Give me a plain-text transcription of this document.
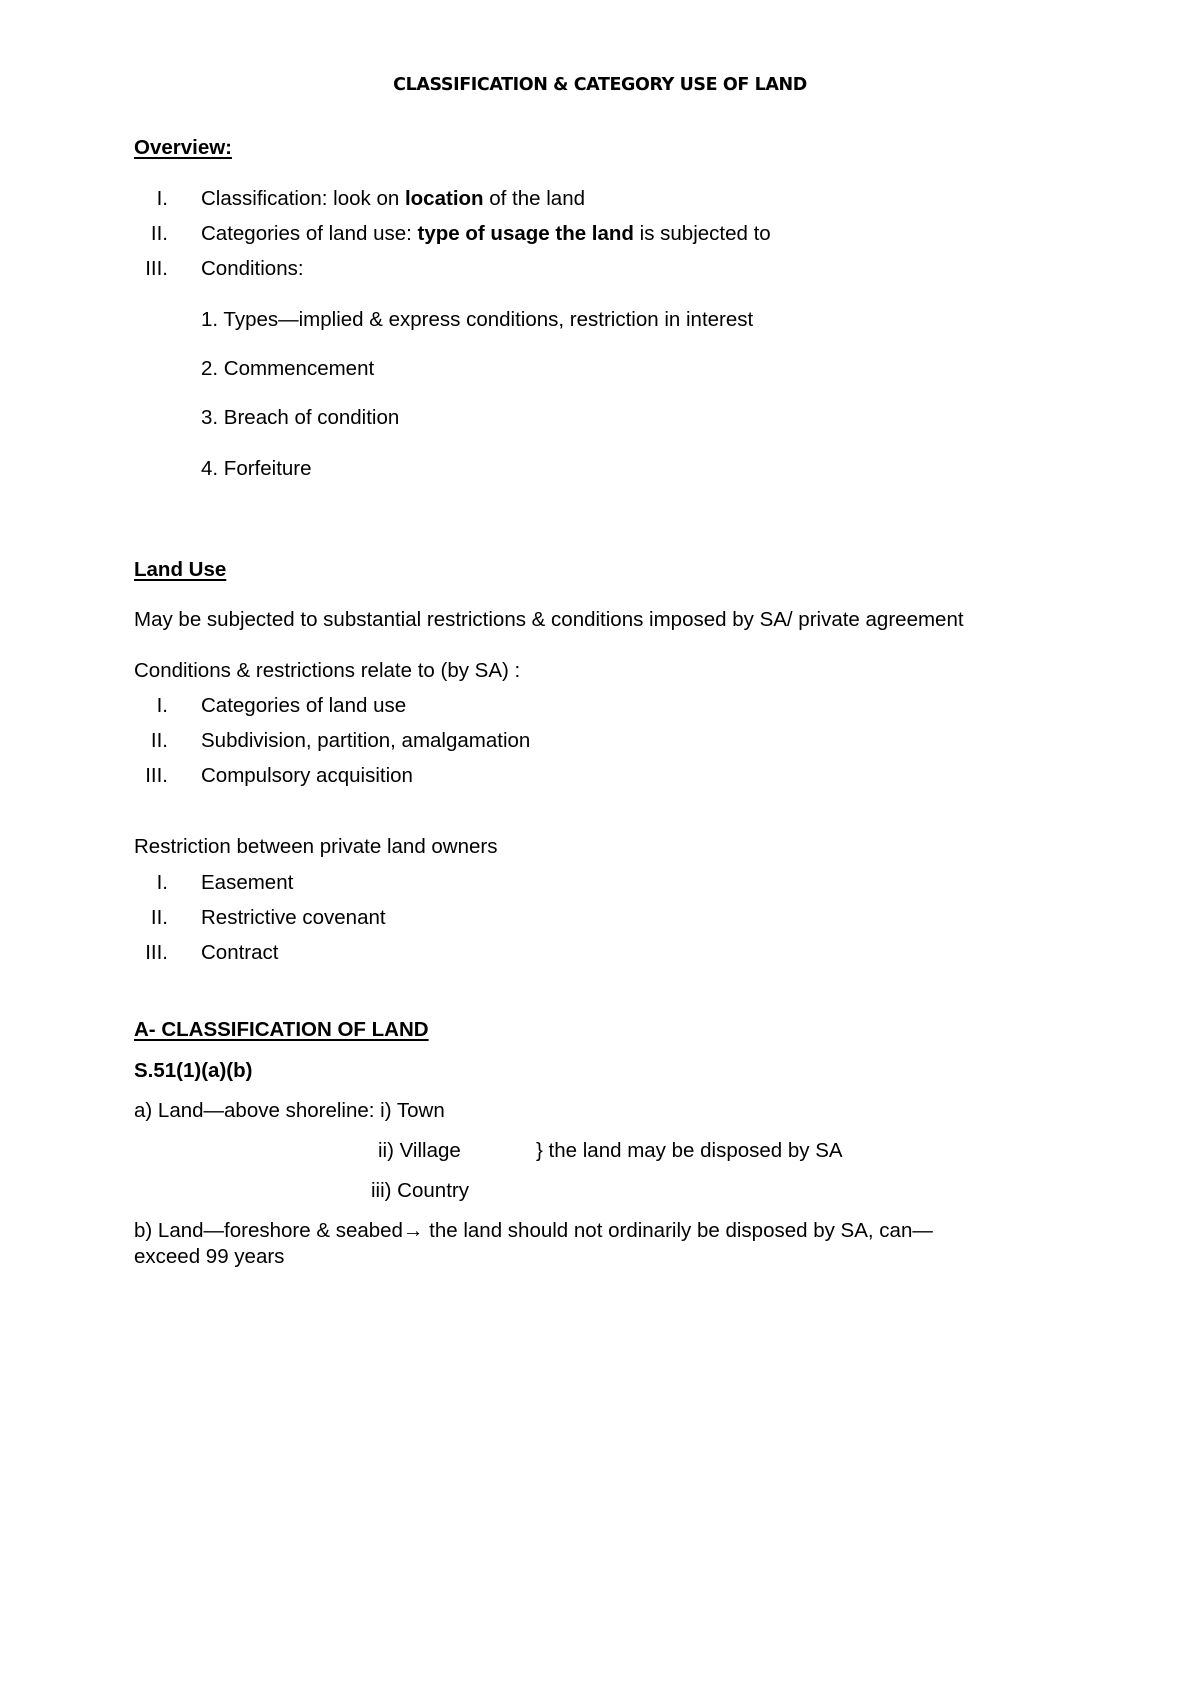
CLASSIFICATION & CATEGORY USE OF LAND
Overview:
I. Classification: look on location of the land
II. Categories of land use: type of usage the land is subjected to
III. Conditions:
1. Types—implied & express conditions, restriction in interest
2. Commencement
3. Breach of condition
4. Forfeiture
Land Use
May be subjected to substantial restrictions & conditions imposed by SA/ private agreement
Conditions & restrictions relate to (by SA) :
I. Categories of land use
II. Subdivision, partition, amalgamation
III. Compulsory acquisition
Restriction between private land owners
I. Easement
II. Restrictive covenant
III. Contract
A- CLASSIFICATION OF LAND
S.51(1)(a)(b)
a) Land—above shoreline: i) Town
ii) Village	} the land may be disposed by SA
iii) Country
b) Land—foreshore & seabed→ the land should not ordinarily be disposed by SA, can—
exceed 99 years
